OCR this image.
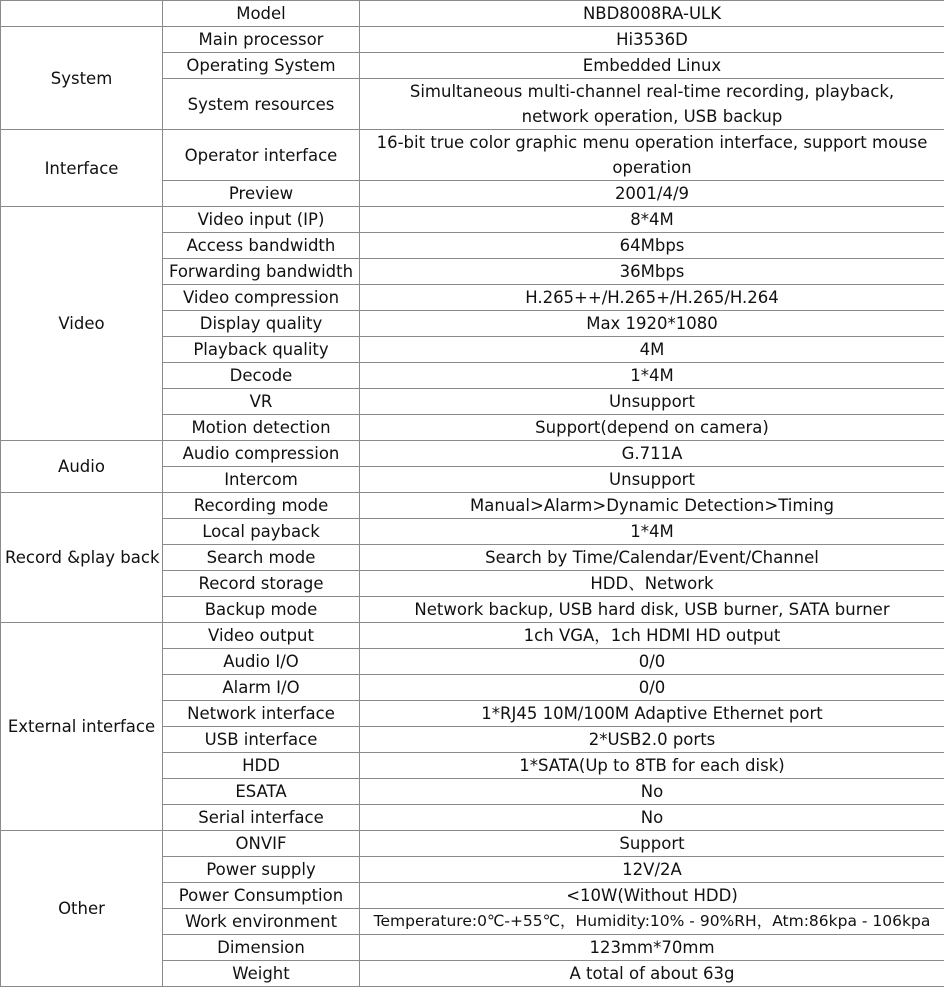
	Model	NBD8008RA-ULK
System	Main processor	Hi3536D
	Operating System	Embedded Linux
	System resources	Simultaneous multi-channel real-time recording, playback, network operation, USB backup
Interface	Operator interface	16-bit true color graphic menu operation interface, support mouse operation
	Preview	2001/4/9
Video	Video input (IP)	8*4M
	Access bandwidth	64Mbps
	Forwarding bandwidth	36Mbps
	Video compression	H.265++/H.265+/H.265/H.264
	Display quality	Max 1920*1080
	Playback quality	4M
	Decode	1*4M
	VR	Unsupport
	Motion detection	Support(depend on camera)
Audio	Audio compression	G.711A
	Intercom	Unsupport
Record &play back	Recording mode	Manual>Alarm>Dynamic Detection>Timing
	Local payback	1*4M
	Search mode	Search by Time/Calendar/Event/Channel
	Record storage	HDD、Network
	Backup mode	Network backup, USB hard disk, USB burner, SATA burner
External interface	Video output	1ch VGA，1ch HDMI HD output
	Audio I/O	0/0
	Alarm I/O	0/0
	Network interface	1*RJ45 10M/100M Adaptive Ethernet port
	USB interface	2*USB2.0 ports
	HDD	1*SATA(Up to 8TB for each disk)
	ESATA	No
	Serial interface	No
Other	ONVIF	Support
	Power supply	12V/2A
	Power Consumption	<10W(Without HDD)
	Work environment	Temperature:0℃-+55℃，Humidity:10% - 90%RH，Atm:86kpa - 106kpa
	Dimension	123mm*70mm
	Weight	A total of about 63g
